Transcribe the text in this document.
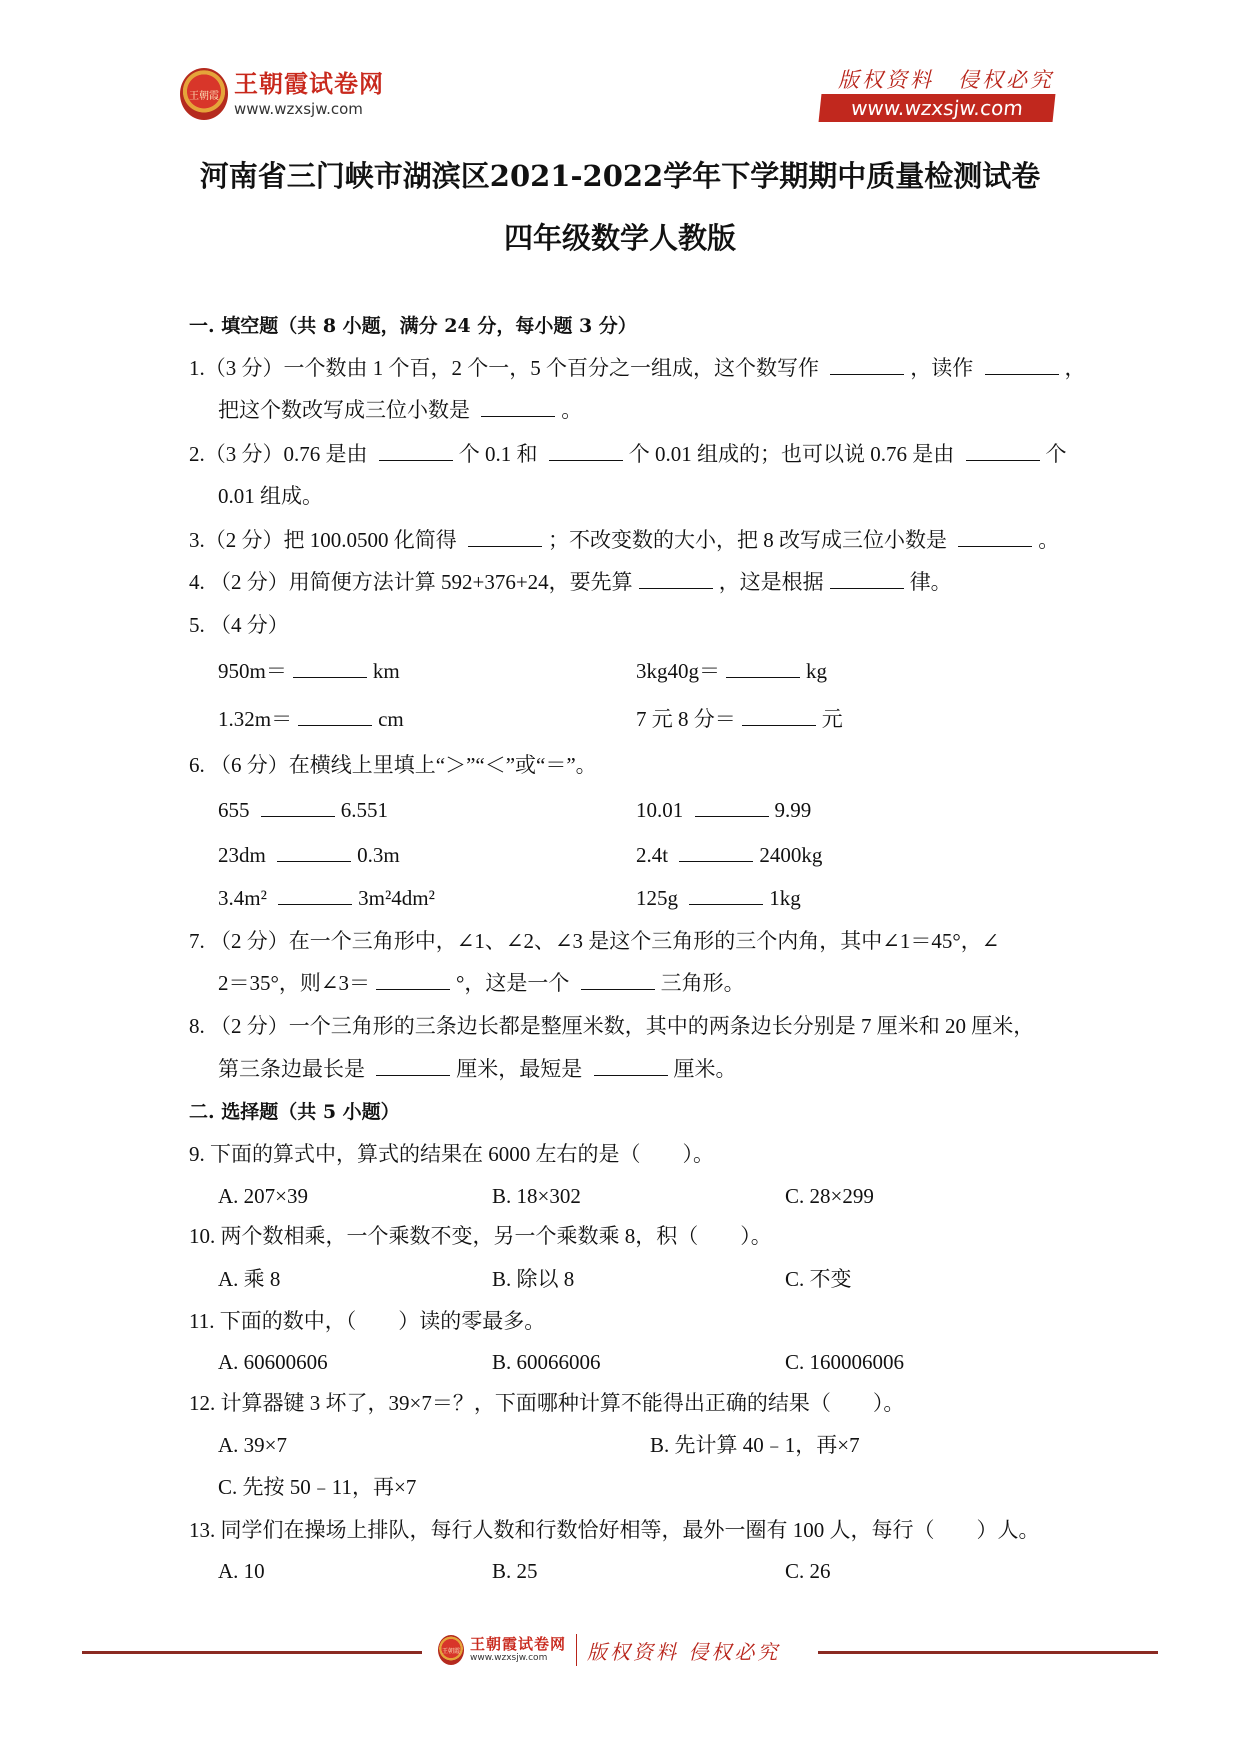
王朝霞 王朝霞试卷网
www.wzxsjw.com
版权资料　侵权必究
www.wzxsjw.com
河南省三门峡市湖滨区2021-2022学年下学期期中质量检测试卷
四年级数学人教版
一. 填空题（共 8 小题，满分 24 分，每小题 3 分）
1.（3 分）一个数由 1 个百，2 个一，5 个百分之一组成，这个数写作	，读作	，
把这个数改写成三位小数是	。
2.（3 分）0.76 是由	个 0.1 和	个 0.01 组成的；也可以说 0.76 是由	个
0.01 组成。
3.（2 分）把 100.0500 化简得	；不改变数的大小，把 8 改写成三位小数是	。
4. （2 分）用简便方法计算 592+376+24，要先算	，这是根据	律。
5. （4 分）
950m＝	km	3kg40g＝	kg
1.32m＝	cm	7 元 8 分＝	元
6. （6 分）在横线上里填上“＞”“＜”或“＝”。
655	6.551	10.01	9.99
23dm	0.3m	2.4t	2400kg
3.4m²	3m²4dm²	125g	1kg
7. （2 分）在一个三角形中，∠1、∠2、∠3 是这个三角形的三个内角，其中∠1＝45°，∠
2＝35°，则∠3＝	°，这是一个	三角形。
8. （2 分）一个三角形的三条边长都是整厘米数，其中的两条边长分别是 7 厘米和 20 厘米，
第三条边最长是	厘米，最短是	厘米。
二. 选择题（共 5 小题）
9. 下面的算式中，算式的结果在 6000 左右的是（　　）。
A. 207×39	B. 18×302	C. 28×299
10. 两个数相乘，一个乘数不变，另一个乘数乘 8，积（　　）。
A. 乘 8	B. 除以 8	C. 不变
11. 下面的数中，（　　）读的零最多。
A. 60600606	B. 60066006	C. 160006006
12. 计算器键 3 坏了，39×7＝？，下面哪种计算不能得出正确的结果（　　）。
A. 39×7	B. 先计算 40﹣1，再×7
C. 先按 50﹣11，再×7
13. 同学们在操场上排队，每行人数和行数恰好相等，最外一圈有 100 人，每行（　　）人。
A. 10	B. 25	C. 26
王朝霞 王朝霞试卷网
www.wzxsjw.com	版权资料 侵权必究
